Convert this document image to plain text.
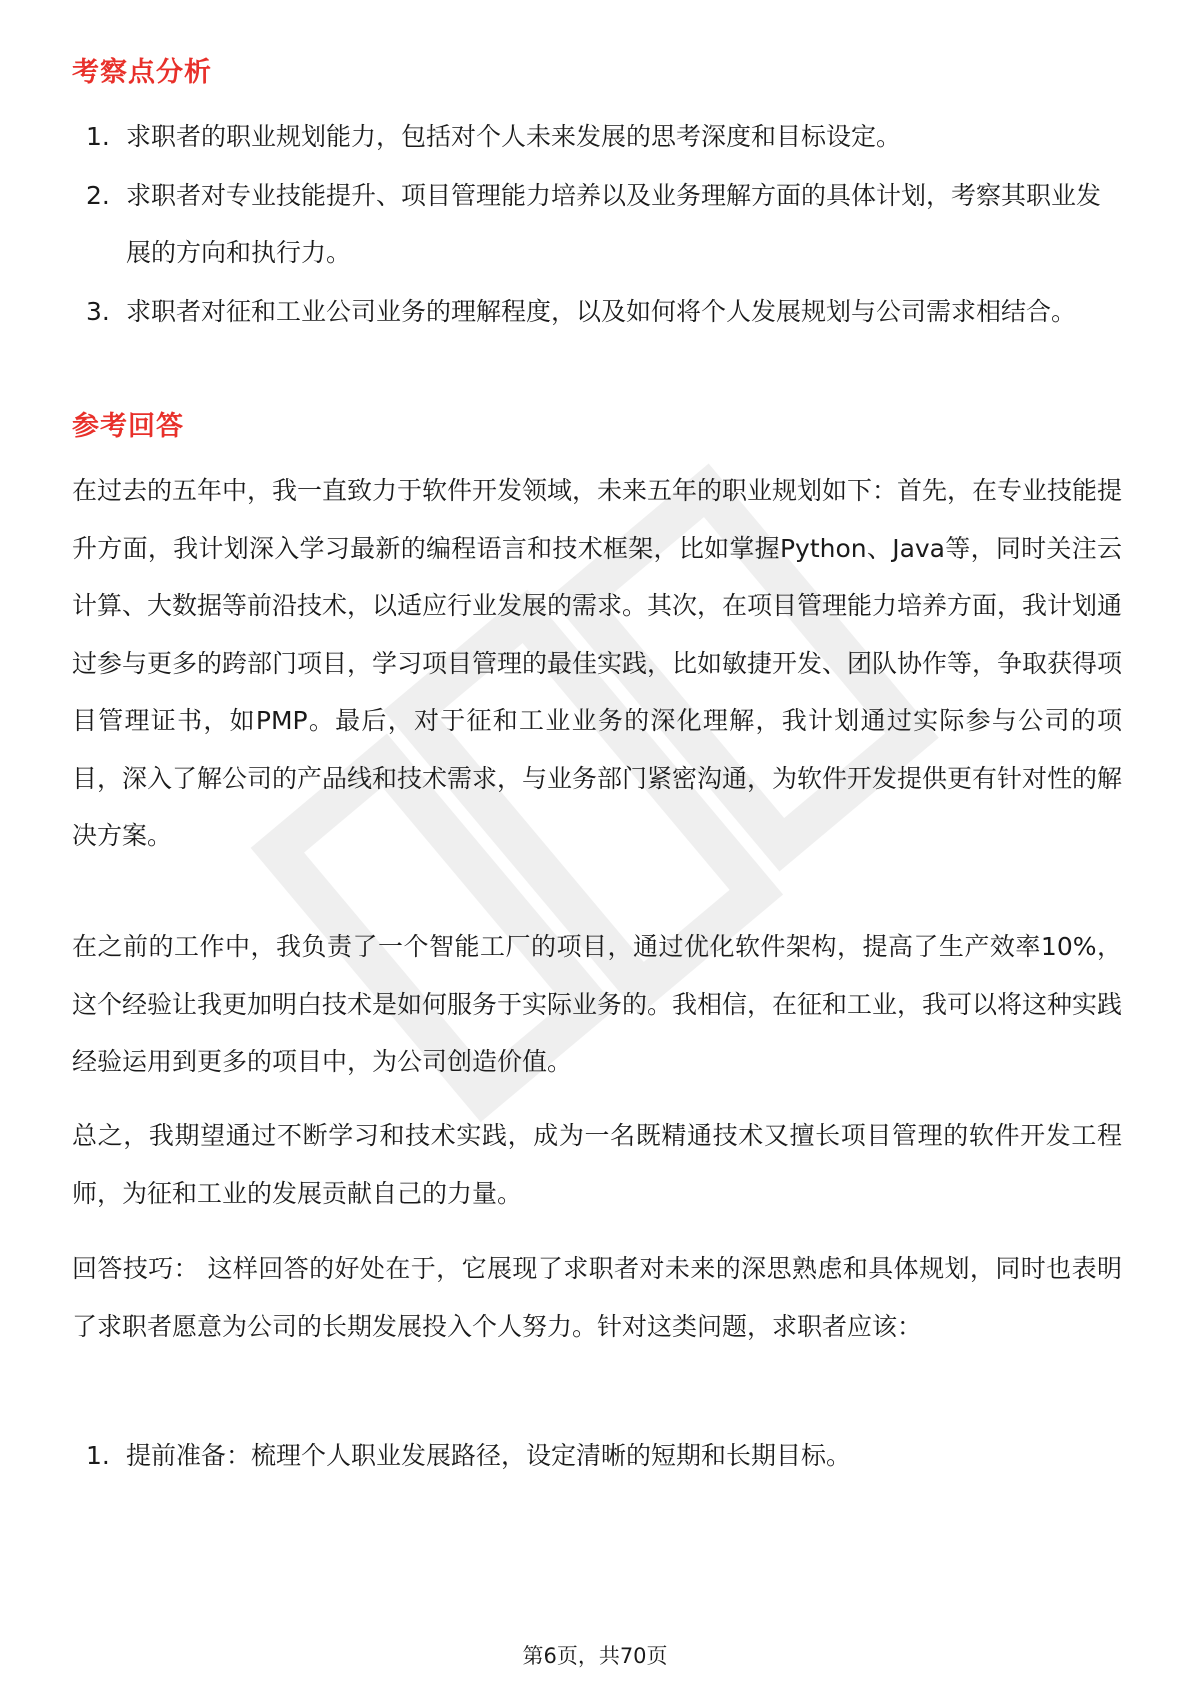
考察点分析
1. 求职者的职业规划能力，包括对个人未来发展的思考深度和目标设定。
2. 求职者对专业技能提升、项目管理能力培养以及业务理解方面的具体计划，考察其职业发展的方向和执行力。
3. 求职者对征和工业公司业务的理解程度，以及如何将个人发展规划与公司需求相结合。
参考回答

在过去的五年中，我一直致力于软件开发领域，未来五年的职业规划如下：首先，在专业技能提升方面，我计划深入学习最新的编程语言和技术框架，比如掌握Python、Java等，同时关注云计算、大数据等前沿技术，以适应行业发展的需求。其次，在项目管理能力培养方面，我计划通过参与更多的跨部门项目，学习项目管理的最佳实践，比如敏捷开发、团队协作等，争取获得项目管理证书，如PMP。最后，对于征和工业业务的深化理解，我计划通过实际参与公司的项目，深入了解公司的产品线和技术需求，与业务部门紧密沟通，为软件开发提供更有针对性的解决方案。

在之前的工作中，我负责了一个智能工厂的项目，通过优化软件架构，提高了生产效率10%，这个经验让我更加明白技术是如何服务于实际业务的。我相信，在征和工业，我可以将这种实践经验运用到更多的项目中，为公司创造价值。

总之，我期望通过不断学习和技术实践，成为一名既精通技术又擅长项目管理的软件开发工程师，为征和工业的发展贡献自己的力量。

回答技巧： 这样回答的好处在于，它展现了求职者对未来的深思熟虑和具体规划，同时也表明了求职者愿意为公司的长期发展投入个人努力。针对这类问题，求职者应该：

1. 提前准备：梳理个人职业发展路径，设定清晰的短期和长期目标。
第6页，共70页
